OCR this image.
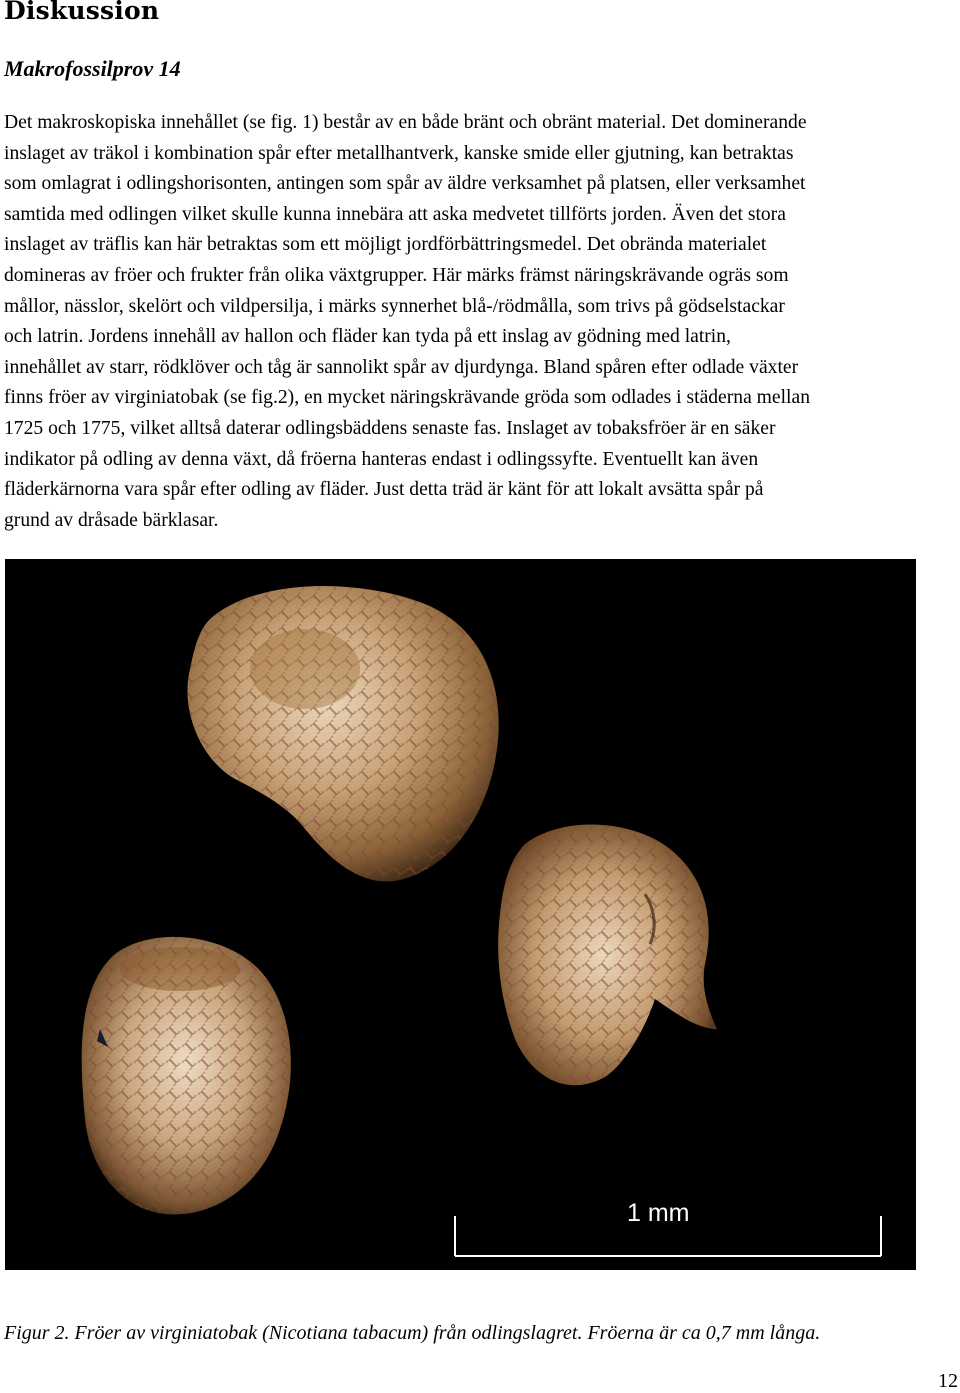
Diskussion
Makrofossilprov 14

Det makroskopiska innehållet (se fig. 1) består av en både bränt och obränt material. Det dominerande
inslaget av träkol i kombination spår efter metallhantverk, kanske smide eller gjutning, kan betraktas
som omlagrat i odlingshorisonten, antingen som spår av äldre verksamhet på platsen, eller verksamhet
samtida med odlingen vilket skulle kunna innebära att aska medvetet tillförts jorden. Även det stora
inslaget av träflis kan här betraktas som ett möjligt jordförbättringsmedel. Det obrända materialet
domineras av fröer och frukter från olika växtgrupper. Här märks främst näringskrävande ogräs som
mållor, nässlor, skelört och vildpersilja, i märks synnerhet blå-/rödmålla, som trivs på gödselstackar
och latrin. Jordens innehåll av hallon och fläder kan tyda på ett inslag av gödning med latrin,
innehållet av starr, rödklöver och tåg är sannolikt spår av djurdynga. Bland spåren efter odlade växter
finns fröer av virginiatobak (se fig.2), en mycket näringskrävande gröda som odlades i städerna mellan
1725 och 1775, vilket alltså daterar odlingsbäddens senaste fas. Inslaget av tobaksfröer är en säker
indikator på odling av denna växt, då fröerna hanteras endast i odlingssyfte. Eventuellt kan även
fläderkärnorna vara spår efter odling av fläder. Just detta träd är känt för att lokalt avsätta spår på
grund av dråsade bärklasar.

1 mm

Figur 2. Fröer av virginiatobak (Nicotiana tabacum) från odlingslagret. Fröerna är ca 0,7 mm långa.

12
